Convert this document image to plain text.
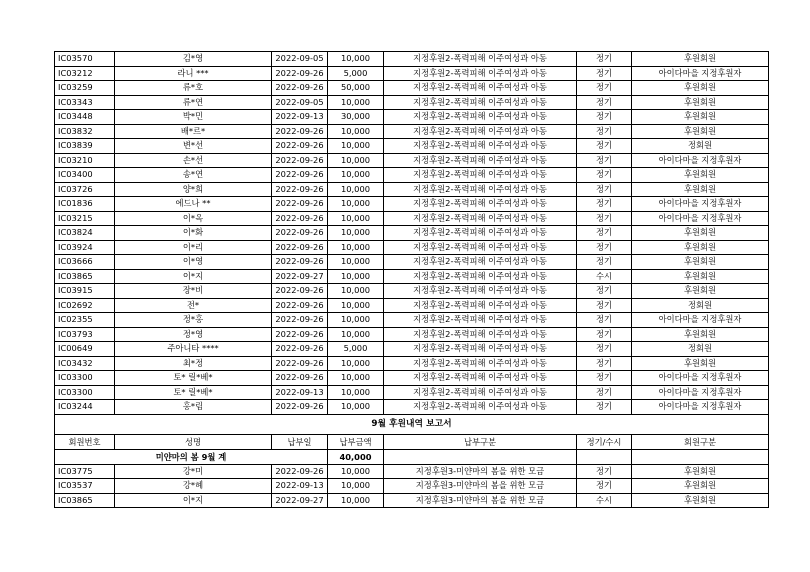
IC03570	김*영	2022-09-05	10,000	지정후원2-폭력피해 이주여성과 아동	정기	후원회원
IC03212	라니 ***	2022-09-26	5,000	지정후원2-폭력피해 이주여성과 아동	정기	아이다마을 지정후원자
IC03259	류*호	2022-09-26	50,000	지정후원2-폭력피해 이주여성과 아동	정기	후원회원
IC03343	류*연	2022-09-05	10,000	지정후원2-폭력피해 이주여성과 아동	정기	후원회원
IC03448	박*민	2022-09-13	30,000	지정후원2-폭력피해 이주여성과 아동	정기	후원회원
IC03832	배*르*	2022-09-26	10,000	지정후원2-폭력피해 이주여성과 아동	정기	후원회원
IC03839	변*선	2022-09-26	10,000	지정후원2-폭력피해 이주여성과 아동	정기	정회원
IC03210	손*선	2022-09-26	10,000	지정후원2-폭력피해 이주여성과 아동	정기	아이다마을 지정후원자
IC03400	송*연	2022-09-26	10,000	지정후원2-폭력피해 이주여성과 아동	정기	후원회원
IC03726	양*희	2022-09-26	10,000	지정후원2-폭력피해 이주여성과 아동	정기	후원회원
IC01836	에드나 **	2022-09-26	10,000	지정후원2-폭력피해 이주여성과 아동	정기	아이다마을 지정후원자
IC03215	이*옥	2022-09-26	10,000	지정후원2-폭력피해 이주여성과 아동	정기	아이다마을 지정후원자
IC03824	이*화	2022-09-26	10,000	지정후원2-폭력피해 이주여성과 아동	정기	후원회원
IC03924	이*리	2022-09-26	10,000	지정후원2-폭력피해 이주여성과 아동	정기	후원회원
IC03666	이*영	2022-09-26	10,000	지정후원2-폭력피해 이주여성과 아동	정기	후원회원
IC03865	이*지	2022-09-27	10,000	지정후원2-폭력피해 이주여성과 아동	수시	후원회원
IC03915	장*비	2022-09-26	10,000	지정후원2-폭력피해 이주여성과 아동	정기	후원회원
IC02692	전*	2022-09-26	10,000	지정후원2-폭력피해 이주여성과 아동	정기	정회원
IC02355	정*홍	2022-09-26	10,000	지정후원2-폭력피해 이주여성과 아동	정기	아이다마을 지정후원자
IC03793	정*영	2022-09-26	10,000	지정후원2-폭력피해 이주여성과 아동	정기	후원회원
IC00649	주아니타 ****	2022-09-26	5,000	지정후원2-폭력피해 이주여성과 아동	정기	정회원
IC03432	최*정	2022-09-26	10,000	지정후원2-폭력피해 이주여성과 아동	정기	후원회원
IC03300	토* 릴*베*	2022-09-26	10,000	지정후원2-폭력피해 이주여성과 아동	정기	아이다마을 지정후원자
IC03300	토* 릴*베*	2022-09-13	10,000	지정후원2-폭력피해 이주여성과 아동	정기	아이다마을 지정후원자
IC03244	홍*림	2022-09-26	10,000	지정후원2-폭력피해 이주여성과 아동	정기	아이다마을 지정후원자
9월 후원내역 보고서						
회원번호	성명	납부일	납부금액	납부구분	정기/수시	회원구분
미얀마의 봄 9월 계			40,000			
IC03775	강*미	2022-09-26	10,000	지정후원3-미얀마의 봄을 위한 모금	정기	후원회원
IC03537	강*혜	2022-09-13	10,000	지정후원3-미얀마의 봄을 위한 모금	정기	후원회원
IC03865	이*지	2022-09-27	10,000	지정후원3-미얀마의 봄을 위한 모금	수시	후원회원
